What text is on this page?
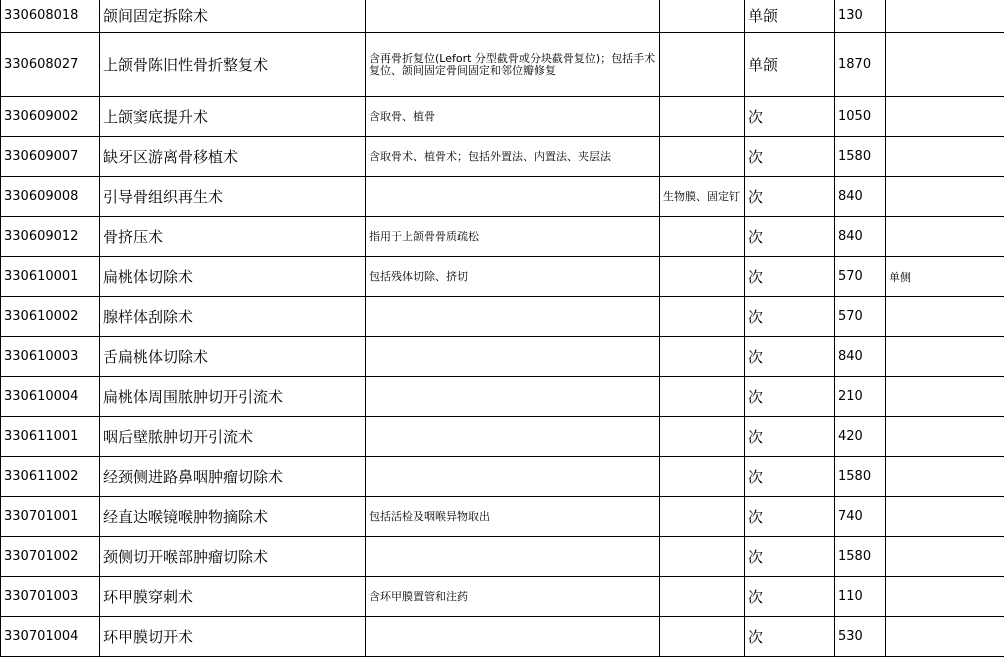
330608018	颌间固定拆除术			单颌	130	
330608027	上颌骨陈旧性骨折整复术	含再骨折复位(Lefort 分型截骨或分块截骨复位)；包括手术复位、颌间固定骨间固定和邻位瓣修复		单颌	1870	
330609002	上颌窦底提升术	含取骨、植骨		次	1050	
330609007	缺牙区游离骨移植术	含取骨术、植骨术；包括外置法、内置法、夹层法		次	1580	
330609008	引导骨组织再生术		生物膜、固定钉	次	840	
330609012	骨挤压术	指用于上颌骨骨质疏松		次	840	
330610001	扁桃体切除术	包括残体切除、挤切		次	570	单侧
330610002	腺样体刮除术			次	570	
330610003	舌扁桃体切除术			次	840	
330610004	扁桃体周围脓肿切开引流术			次	210	
330611001	咽后壁脓肿切开引流术			次	420	
330611002	经颈侧进路鼻咽肿瘤切除术			次	1580	
330701001	经直达喉镜喉肿物摘除术	包括活检及咽喉异物取出		次	740	
330701002	颈侧切开喉部肿瘤切除术			次	1580	
330701003	环甲膜穿刺术	含环甲膜置管和注药		次	110	
330701004	环甲膜切开术			次	530	
